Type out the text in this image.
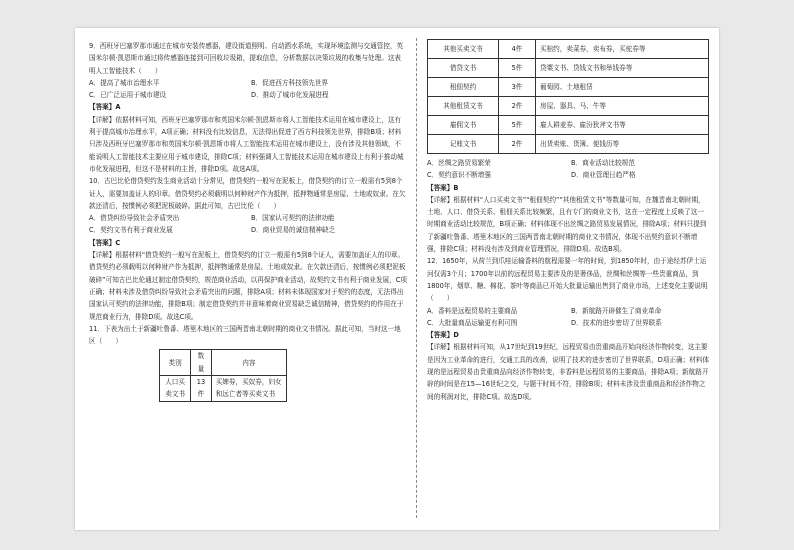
9．西班牙巴塞罗那市通过在城市安装传感器，建设街道照明、自动洒水系统，实现环境监测与交通管控，英国米尔顿·凯恩斯市通过将传感器连接到可回收垃圾箱，提取信息，分析数据以决策垃圾的收集与处理。这表明人工智能技术（　　）

A．提高了城市治理水平	B．促进西方科技领先世界
C．已广泛运用于城市建设	D．推动了城市化发展进程

【答案】A

【详解】依据材料可知，西班牙巴塞罗那市和英国米尔顿·凯恩斯市将人工智能技术运用在城市建设上，这有利于提高城市治理水平，A项正确；材料没有比较信息，无法得出促进了西方科技领先世界，排除B项；材料只涉及西班牙巴塞罗那市和英国米尔顿·凯恩斯市将人工智能技术运用在城市建设上，没有涉及其他领域，不能说明人工智能技术主要应用于城市建设，排除C项；材料强调人工智能技术运用在城市建设上有利于推动城市化发展进程，但这不是材料的主旨，排除D项。故选A项。

10．古巴比伦借贷契约发生商业活动十分常见，借贷契约一般写在泥板上，借贷契约的订立一般需有5到8个证人，需要加盖证人的印章。借贷契约必须载明以何种财产作为抵押，抵押物通常是房屋、土地或奴隶。在欠款还清后，按惯例必须把泥板破碎。据此可知，古巴比伦（　　）

A．借贷纠纷导致社会矛盾突出	B．国家认可契约的法律功能
C．契约文书有利于商业发展	D．商业贸易的诚信精神缺乏

【答案】C

【详解】根据材料“借贷契约一般写在泥板上，借贷契约的订立一般需有5到8个证人，需要加盖证人的印章。借贷契约必须载明以何种财产作为抵押，抵押物通常是房屋、土地或奴隶。在欠款还清后，按惯例必须把泥板破碎”可知古巴比伦通过制定借贷契约，规范商业活动，以再保护商业活动，故契约文书有利于商业发展，C项正确；材料未涉及借贷纠纷导致社会矛盾突出的问题，排除A项；材料未体现国家对于契约的态度，无法得出国家认可契约的法律功能，排除B项；制定借贷契约并非意味着商业贸易缺乏诚信精神，借贷契约的作用在于规范商业行为，排除D项。故选C项。

11．下表为出土于新疆吐鲁番、塔里木地区的三国两晋南北朝时期的商业文书情况。据此可知，当时这一地区（　　）

类别	数量	内容
人口买卖文书	13件	买婢券，买奴券，妇女和远亡者等买卖文书
其他买卖文书	4件	买棺约，卖菜券，卖布券，买驼券等
借贷文书	5件	贷粟文书、贷钱文书和举钱券等
租佃契约	3件	葡萄园、土地租赁
其他租赁文书	2件	房屋、器具、马、牛等
雇佣文书	5件	雇人耕麦券、雇汾狄斧文书等
记账文书	2件	出货卖账、货簿、便钱历等
A．丝绸之路贸易繁荣	B．商业活动比较规范
C．契约意识不断增强	D．商业管理日趋严格

【答案】B

【详解】根据材料“人口买卖文书”“租佃契约”“其他租赁文书”等数量可知，在魏晋南北朝时期，土地、人口、借贷关系、租佃关系比较频繁，且有专门的商业文书，这在一定程度上反映了这一时期商业活动比较规范，B项正确；材料体现不出丝绸之路贸易发展情况，排除A项；材料只提到了新疆吐鲁番、塔里木地区的三国两晋南北朝时期的商业文书情况，体现不出契约意识不断增强，排除C项；材料没有涉及到商业管理情况，排除D项。故选B项。

12．1650年，从荷兰到爪哇运输香料的航程需要一年的时间，到1850年时，由于途经苏伊士运河仅需3个月；1700年以前的远程贸易主要涉及的是奢侈品，丝绸和丝绸等一些贵重商品，到1800年，烟草、糖、棉花、茶叶等商品已开始大批量运输出售到了商业市场，上述变化主要说明（　　）

A．香料是远程贸易的主要商品	B．新航路开辟催生了商业革命
C．大批量商品运输更有利可图	D．技术的进步密切了世界联系

【答案】D

【详解】根据材料可知，从17世纪到19世纪，远程贸易由贵重商品开始向经济作物转变，这主要是因为工业革命的进行，交通工具的改善，说明了技术的进步密切了世界联系，D项正确；材料体现的是远程贸易由贵重商品向经济作物转变，非香料是远程贸易的主要商品，排除A项；新航路开辟的时间是在15—16世纪之交，与题干时间不符，排除B项；材料未涉及贵重商品和经济作物之间的利润对比，排除C项。故选D项。
